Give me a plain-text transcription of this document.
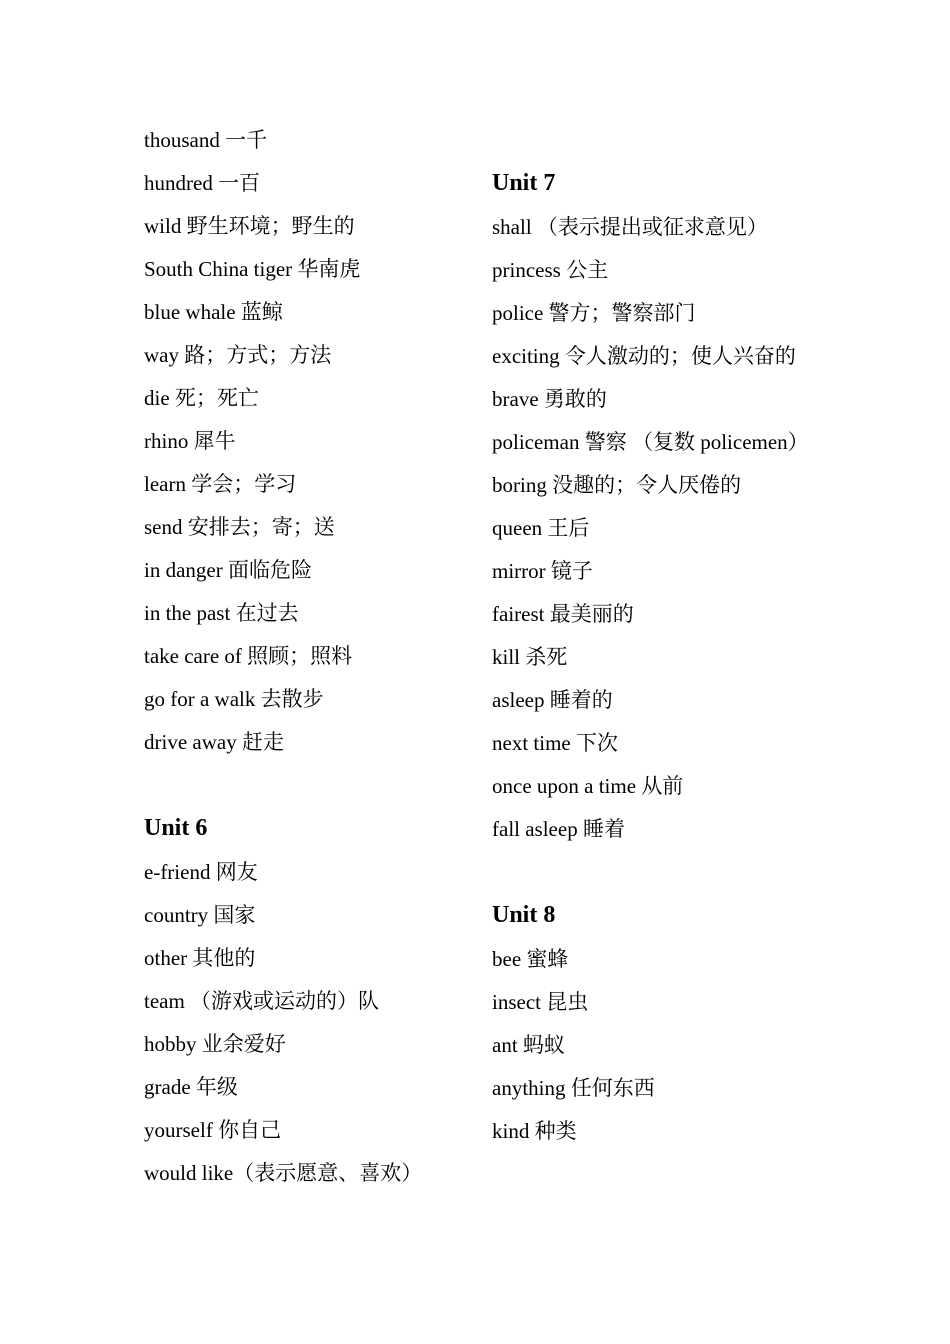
thousand 一千
hundred 一百
wild 野生环境；野生的
South China tiger 华南虎
blue whale 蓝鲸
way 路；方式；方法
die 死；死亡
rhino 犀牛
learn 学会；学习
send 安排去；寄；送
in danger 面临危险
in the past 在过去
take care of 照顾；照料
go for a walk 去散步
drive away 赶走
Unit 6
e-friend 网友
country 国家
other 其他的
team （游戏或运动的）队
hobby 业余爱好
grade 年级
yourself 你自己
would like（表示愿意、喜欢）
Unit 7
shall （表示提出或征求意见）
princess 公主
police 警方；警察部门
exciting 令人激动的；使人兴奋的
brave 勇敢的
policeman 警察 （复数 policemen）
boring 没趣的；令人厌倦的
queen 王后
mirror 镜子
fairest 最美丽的
kill 杀死
asleep 睡着的
next time 下次
once upon a time 从前
fall asleep 睡着
Unit 8
bee 蜜蜂
insect 昆虫
ant 蚂蚁
anything 任何东西
kind 种类
